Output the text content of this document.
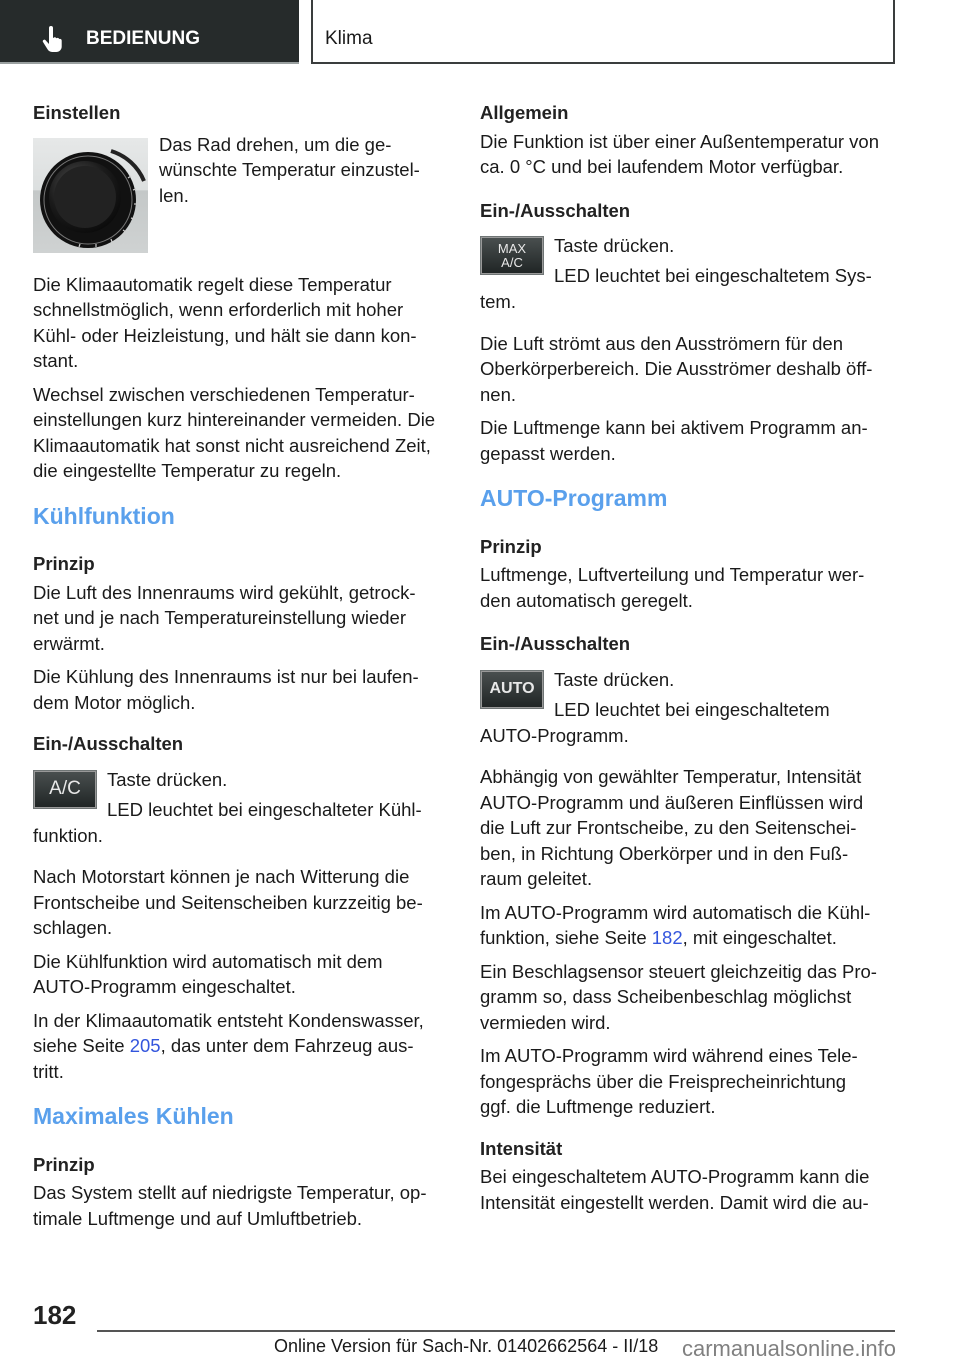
BEDIENUNG	Klima
Einstellen
Das Rad drehen, um die ge-
wünschte Temperatur einzustel-
len.

Die Klimaautomatik regelt diese Temperatur
schnellstmöglich, wenn erforderlich mit hoher
Kühl- oder Heizleistung, und hält sie dann kon-
stant.

Wechsel zwischen verschiedenen Temperatur-
einstellungen kurz hintereinander vermeiden. Die
Klimaautomatik hat sonst nicht ausreichend Zeit,
die eingestellte Temperatur zu regeln.

Kühlfunktion
Prinzip

Die Luft des Innenraums wird gekühlt, getrock-
net und je nach Temperatureinstellung wieder
erwärmt.

Die Kühlung des Innenraums ist nur bei laufen-
dem Motor möglich.

Ein-/Ausschalten
A/C Taste drücken.
LED leuchtet bei eingeschalteter Kühl-

funktion.

Nach Motorstart können je nach Witterung die
Frontscheibe und Seitenscheiben kurzzeitig be-
schlagen.

Die Kühlfunktion wird automatisch mit dem
AUTO-Programm eingeschaltet.

In der Klimaautomatik entsteht Kondenswasser,
siehe Seite 205, das unter dem Fahrzeug aus-
tritt.

Maximales Kühlen
Prinzip

Das System stellt auf niedrigste Temperatur, op-
timale Luftmenge und auf Umluftbetrieb.

Allgemein

Die Funktion ist über einer Außentemperatur von
ca. 0 °C und bei laufendem Motor verfügbar.

Ein-/Ausschalten
MAX
A/C
Taste drücken.
LED leuchtet bei eingeschaltetem Sys-

tem.

Die Luft strömt aus den Ausströmern für den
Oberkörperbereich. Die Ausströmer deshalb öff-
nen.

Die Luftmenge kann bei aktivem Programm an-
gepasst werden.

AUTO-Programm
Prinzip

Luftmenge, Luftverteilung und Temperatur wer-
den automatisch geregelt.

Ein-/Ausschalten
AUTO Taste drücken.
LED leuchtet bei eingeschaltetem

AUTO-Programm.

Abhängig von gewählter Temperatur, Intensität
AUTO-Programm und äußeren Einflüssen wird
die Luft zur Frontscheibe, zu den Seitenschei-
ben, in Richtung Oberkörper und in den Fuß-
raum geleitet.

Im AUTO-Programm wird automatisch die Kühl-
funktion, siehe Seite 182, mit eingeschaltet.

Ein Beschlagsensor steuert gleichzeitig das Pro-
gramm so, dass Scheibenbeschlag möglichst
vermieden wird.

Im AUTO-Programm wird während eines Tele-
fongesprächs über die Freisprecheinrichtung
ggf. die Luftmenge reduziert.

Intensität

Bei eingeschaltetem AUTO-Programm kann die
Intensität eingestellt werden. Damit wird die au-

182
Online Version für Sach-Nr. 01402662564 - II/18 carmanualsonline.info
